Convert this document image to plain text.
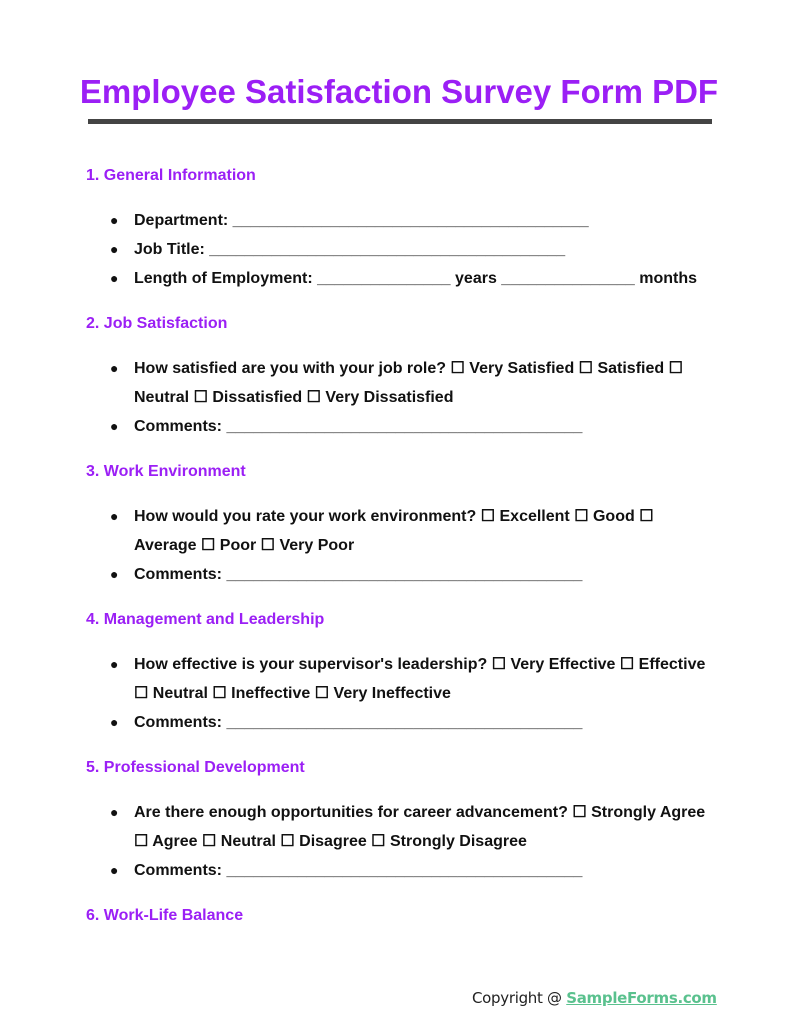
Employee Satisfaction Survey Form PDF
1. General Information
● Department: ________________________________________
● Job Title: ________________________________________
● Length of Employment: _______________ years _______________ months
2. Job Satisfaction
● How satisfied are you with your job role? ☐ Very Satisfied ☐ Satisfied ☐ Neutral ☐ Dissatisfied ☐ Very Dissatisfied
● Comments: ________________________________________
3. Work Environment
● How would you rate your work environment? ☐ Excellent ☐ Good ☐ Average ☐ Poor ☐ Very Poor
● Comments: ________________________________________
4. Management and Leadership
● How effective is your supervisor's leadership? ☐ Very Effective ☐ Effective ☐ Neutral ☐ Ineffective ☐ Very Ineffective
● Comments: ________________________________________
5. Professional Development
● Are there enough opportunities for career advancement? ☐ Strongly Agree ☐ Agree ☐ Neutral ☐ Disagree ☐ Strongly Disagree
● Comments: ________________________________________
6. Work-Life Balance
Copyright @ SampleForms.com
